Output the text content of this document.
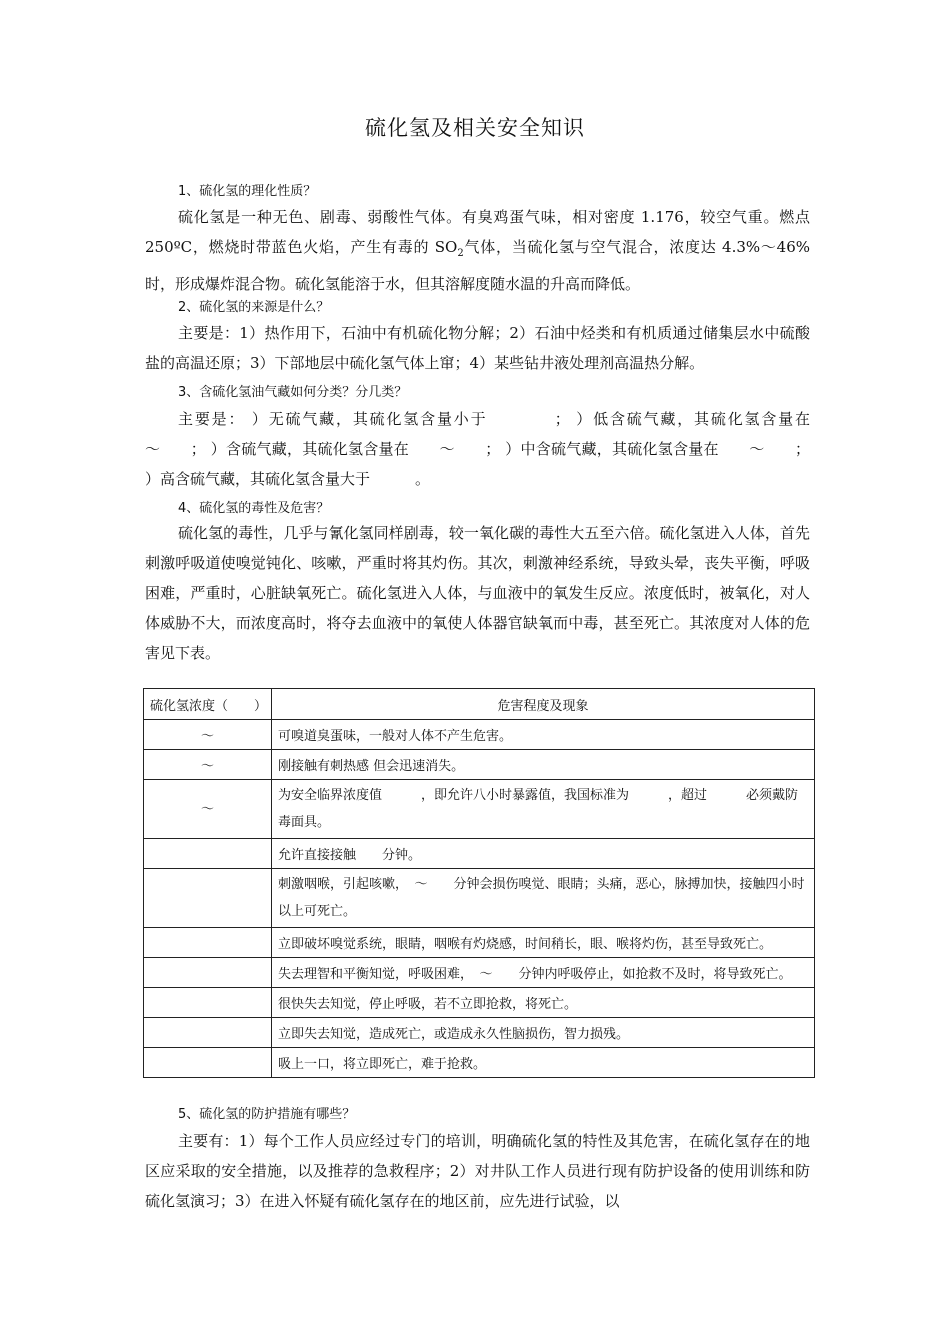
硫化氢及相关安全知识
1、硫化氢的理化性质？
硫化氢是一种无色、剧毒、弱酸性气体。有臭鸡蛋气味，相对密度 1.176，较空气重。燃点 250ºC，燃烧时带蓝色火焰，产生有毒的 $SO_2$气体，当硫化氢与空气混合，浓度达 4.3%～46%时，形成爆炸混合物。硫化氢能溶于水，但其溶解度随水温的升高而降低。
2、硫化氢的来源是什么？
主要是：1）热作用下，石油中有机硫化物分解；2）石油中烃类和有机质通过储集层水中硫酸盐的高温还原；3）下部地层中硫化氢气体上窜；4）某些钻井液处理剂高温热分解。
3、含硫化氢油气藏如何分类？分几类？
主要是： ）无硫气藏，其硫化氢含量小于　　　　； ）低含硫气藏，其硫化氢含量在　　～　　； ）含硫气藏，其硫化氢含量在　　～　　； ）中含硫气藏，其硫化氢含量在　　～　　； ）高含硫气藏，其硫化氢含量大于　　　。
4、硫化氢的毒性及危害？
硫化氢的毒性，几乎与氰化氢同样剧毒，较一氧化碳的毒性大五至六倍。硫化氢进入人体，首先刺激呼吸道使嗅觉钝化、咳嗽，严重时将其灼伤。其次，刺激神经系统，导致头晕，丧失平衡，呼吸困难，严重时，心脏缺氧死亡。硫化氢进入人体，与血液中的氧发生反应。浓度低时，被氧化，对人体威胁不大，而浓度高时，将夺去血液中的氧使人体器官缺氧而中毒，甚至死亡。其浓度对人体的危害见下表。
硫化氢浓度（　　）	危害程度及现象
～	可嗅道臭蛋味，一般对人体不产生危害。
～	刚接触有刺热感 但会迅速消失。
～	为安全临界浓度值　　　，即允许八小时暴露值，我国标准为　　　，超过　　　必须戴防毒面具。
	允许直接接触　　分钟。
	刺激咽喉，引起咳嗽，　～　　分钟会损伤嗅觉、眼睛；头痛，恶心，脉搏加快，接触四小时以上可死亡。
	立即破坏嗅觉系统，眼睛，咽喉有灼烧感，时间稍长，眼、喉将灼伤，甚至导致死亡。
	失去理智和平衡知觉，呼吸困难，　～　　分钟内呼吸停止，如抢救不及时，将导致死亡。
	很快失去知觉，停止呼吸，若不立即抢救，将死亡。
	立即失去知觉，造成死亡，或造成永久性脑损伤，智力损残。
	吸上一口，将立即死亡，难于抢救。
5、硫化氢的防护措施有哪些？
主要有：1）每个工作人员应经过专门的培训，明确硫化氢的特性及其危害，在硫化氢存在的地区应采取的安全措施，以及推荐的急救程序；2）对井队工作人员进行现有防护设备的使用训练和防硫化氢演习；3）在进入怀疑有硫化氢存在的地区前，应先进行试验，以
